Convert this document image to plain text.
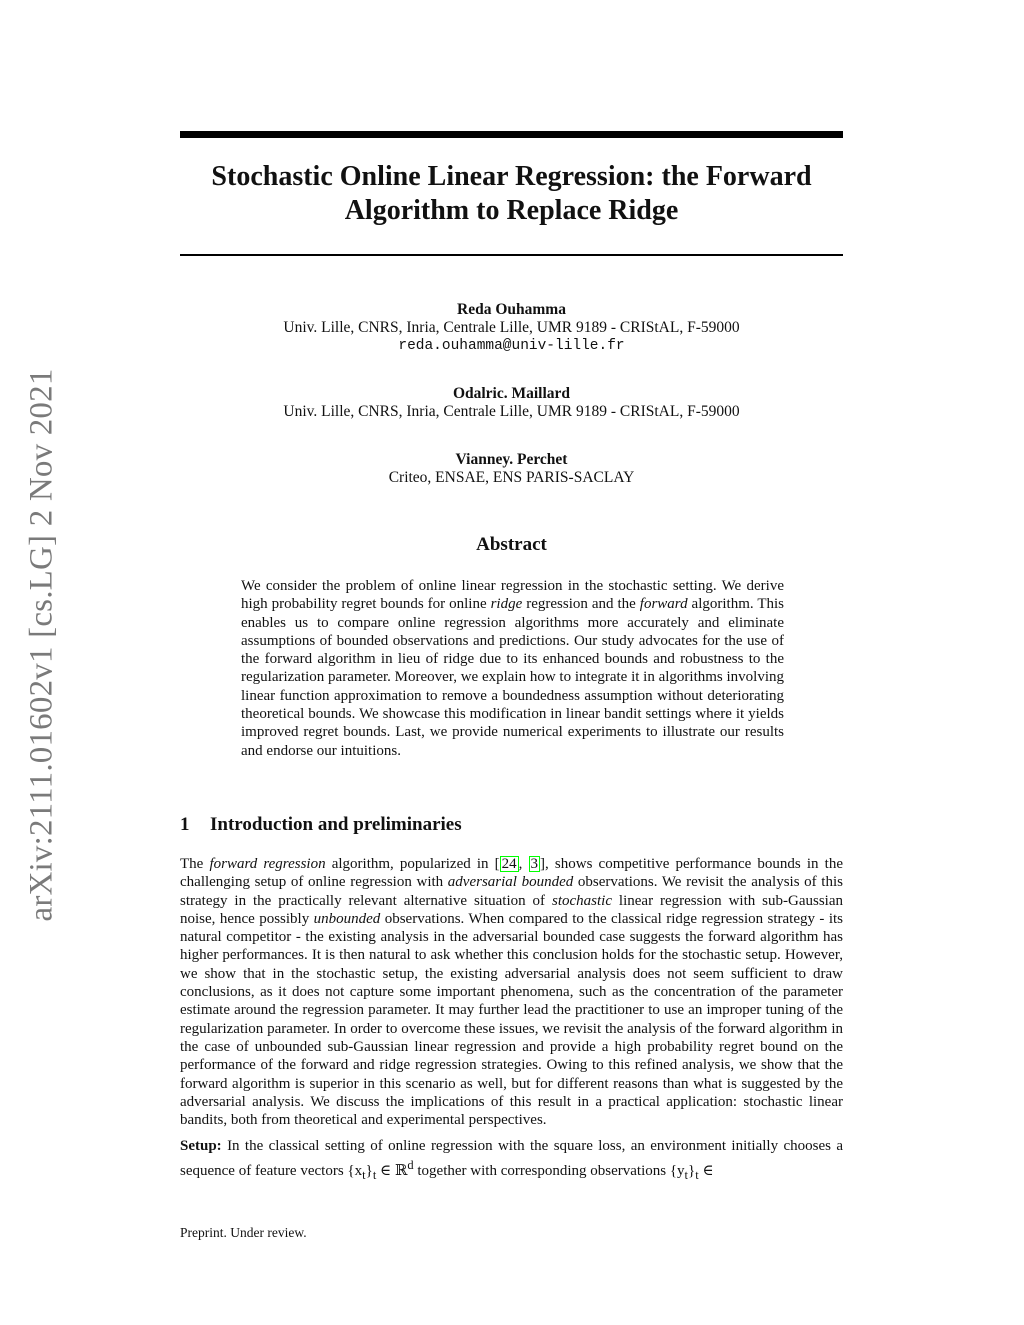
arXiv:2111.01602v1 [cs.LG] 2 Nov 2021
Stochastic Online Linear Regression: the Forward
Algorithm to Replace Ridge
Reda Ouhamma
Univ. Lille, CNRS, Inria, Centrale Lille, UMR 9189 - CRIStAL, F-59000
reda.ouhamma@univ-lille.fr
Odalric. Maillard
Univ. Lille, CNRS, Inria, Centrale Lille, UMR 9189 - CRIStAL, F-59000
Vianney. Perchet
Criteo, ENSAE, ENS PARIS-SACLAY
Abstract
We consider the problem of online linear regression in the stochastic setting. We derive high probability regret bounds for online ridge regression and the forward algorithm. This enables us to compare online regression algorithms more accurately and eliminate assumptions of bounded observations and predictions. Our study advocates for the use of the forward algorithm in lieu of ridge due to its enhanced bounds and robustness to the regularization parameter. Moreover, we explain how to integrate it in algorithms involving linear function approximation to remove a boundedness assumption without deteriorating theoretical bounds. We showcase this modification in linear bandit settings where it yields improved regret bounds. Last, we provide numerical experiments to illustrate our results and endorse our intuitions.
1 Introduction and preliminaries

The forward regression algorithm, popularized in [ 24 , 3 ], shows competitive performance bounds in the challenging setup of online regression with adversarial bounded observations. We revisit the analysis of this strategy in the practically relevant alternative situation of stochastic linear regression with sub-Gaussian noise, hence possibly unbounded observations. When compared to the classical ridge regression strategy - its natural competitor - the existing analysis in the adversarial bounded case suggests the forward algorithm has higher performances. It is then natural to ask whether this conclusion holds for the stochastic setup. However, we show that in the stochastic setup, the existing adversarial analysis does not seem sufficient to draw conclusions, as it does not capture some important phenomena, such as the concentration of the parameter estimate around the regression parameter. It may further lead the practitioner to use an improper tuning of the regularization parameter. In order to overcome these issues, we revisit the analysis of the forward algorithm in the case of unbounded sub-Gaussian linear regression and provide a high probability regret bound on the performance of the forward and ridge regression strategies. Owing to this refined analysis, we show that the forward algorithm is superior in this scenario as well, but for different reasons than what is suggested by the adversarial analysis. We discuss the implications of this result in a practical application: stochastic linear bandits, both from theoretical and experimental perspectives.

Setup: In the classical setting of online regression with the square loss, an environment initially chooses a sequence of feature vectors $\{x_t\}_t$ ∈ ℝ$^d$ together with corresponding observations $\{y_t\}_t$ ∈

Preprint. Under review.
